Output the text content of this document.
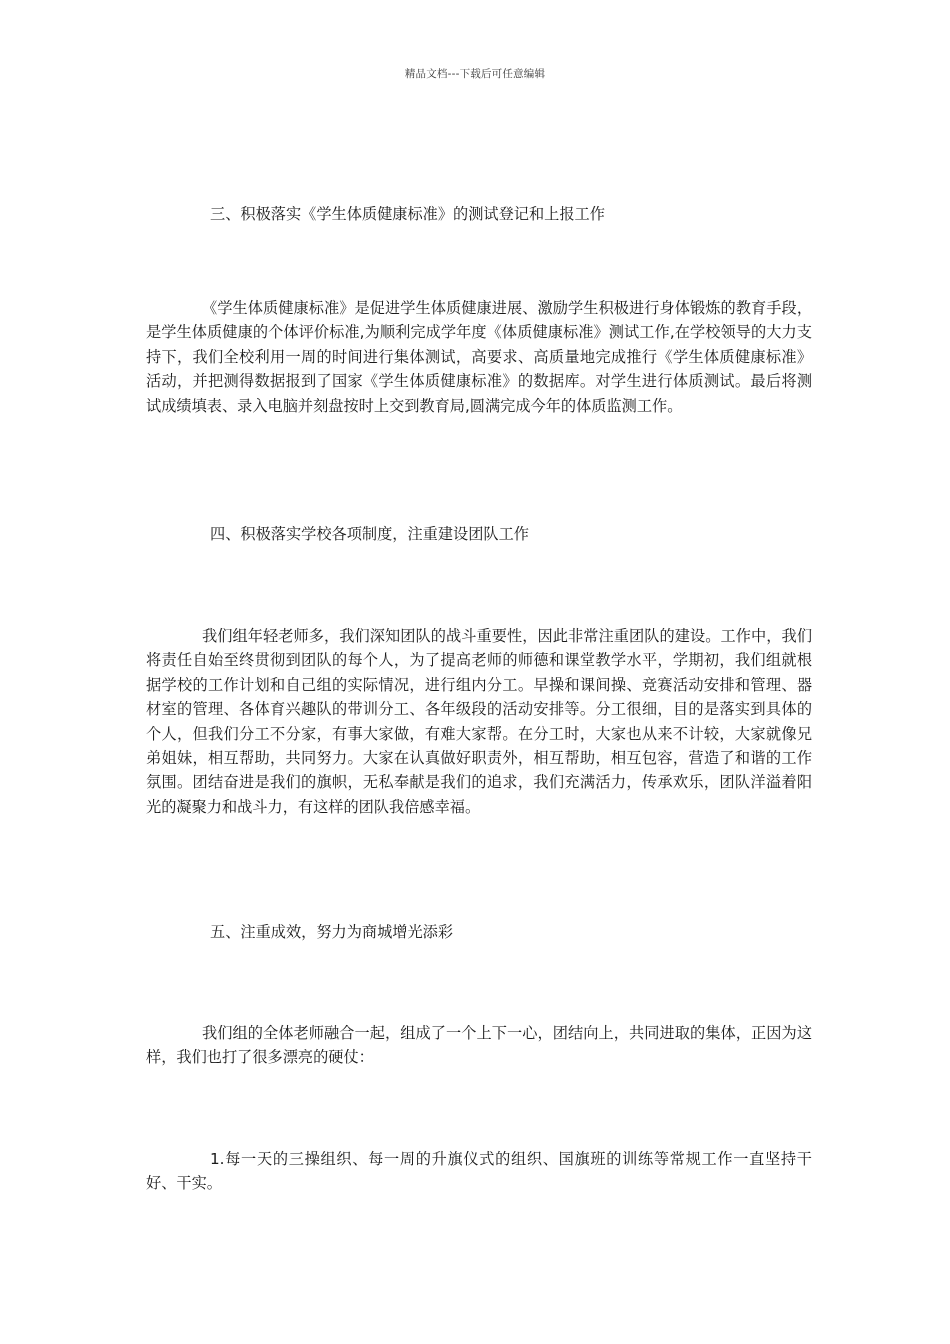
精品文档---下载后可任意编辑
三、积极落实《学生体质健康标准》的测试登记和上报工作
《学生体质健康标准》是促进学生体质健康进展、激励学生积极进行身体锻炼的教育手段，是学生体质健康的个体评价标准,为顺利完成学年度《体质健康标准》测试工作,在学校领导的大力支持下，我们全校利用一周的时间进行集体测试，高要求、高质量地完成推行《学生体质健康标准》活动，并把测得数据报到了国家《学生体质健康标准》的数据库。对学生进行体质测试。最后将测试成绩填表、录入电脑并刻盘按时上交到教育局,圆满完成今年的体质监测工作。
四、积极落实学校各项制度，注重建设团队工作
我们组年轻老师多，我们深知团队的战斗重要性，因此非常注重团队的建设。工作中，我们将责任自始至终贯彻到团队的每个人，为了提高老师的师德和课堂教学水平，学期初，我们组就根据学校的工作计划和自己组的实际情况，进行组内分工。早操和课间操、竞赛活动安排和管理、器材室的管理、各体育兴趣队的带训分工、各年级段的活动安排等。分工很细，目的是落实到具体的个人，但我们分工不分家，有事大家做，有难大家帮。在分工时，大家也从来不计较，大家就像兄弟姐妹，相互帮助，共同努力。大家在认真做好职责外，相互帮助，相互包容，营造了和谐的工作氛围。团结奋进是我们的旗帜，无私奉献是我们的追求，我们充满活力，传承欢乐，团队洋溢着阳光的凝聚力和战斗力，有这样的团队我倍感幸福。
五、注重成效，努力为商城增光添彩
我们组的全体老师融合一起，组成了一个上下一心，团结向上，共同进取的集体，正因为这样，我们也打了很多漂亮的硬仗：
1.每一天的三操组织、每一周的升旗仪式的组织、国旗班的训练等常规工作一直坚持干好、干实。
